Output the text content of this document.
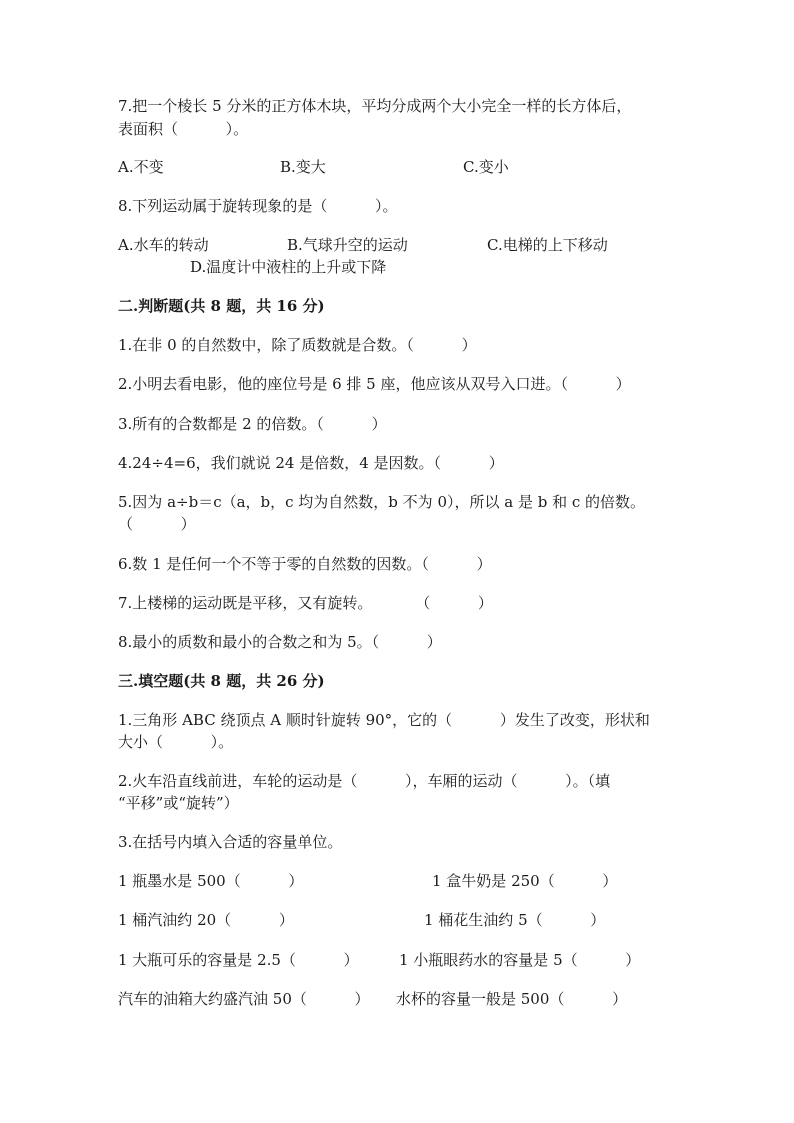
7.把一个棱长 5 分米的正方体木块，平均分成两个大小完全一样的长方体后，
表面积（          ）。
A.不变	B.变大	C.变小
8.下列运动属于旋转现象的是（          ）。
A.水车的转动	B.气球升空的运动	C.电梯的上下移动
D.温度计中液柱的上升或下降
二.判断题(共 8 题，共 16 分)
1.在非 0 的自然数中，除了质数就是合数。（          ）
2.小明去看电影，他的座位号是 6 排 5 座，他应该从双号入口进。（          ）
3.所有的合数都是 2 的倍数。（          ）
4.24÷4=6，我们就说 24 是倍数，4 是因数。（          ）
5.因为 a÷b＝c（a，b，c 均为自然数，b 不为 0），所以 a 是 b 和 c 的倍数。
（          ）
6.数 1 是任何一个不等于零的自然数的因数。（          ）
7.上楼梯的运动既是平移，又有旋转。         （          ）
8.最小的质数和最小的合数之和为 5。（          ）
三.填空题(共 8 题，共 26 分)
1.三角形 ABC 绕顶点 A 顺时针旋转 90°，它的（          ）发生了改变，形状和
大小（          ）。
2.火车沿直线前进，车轮的运动是（          ），车厢的运动（          ）。（填
“平移”或“旋转”）
3.在括号内填入合适的容量单位。
1 瓶墨水是 500（          ）	1 盒牛奶是 250（          ）
1 桶汽油约 20（          ）	1 桶花生油约 5（          ）
1 大瓶可乐的容量是 2.5（          ）	1 小瓶眼药水的容量是 5（          ）
汽车的油箱大约盛汽油 50（          ） 水杯的容量一般是 500（          ）
